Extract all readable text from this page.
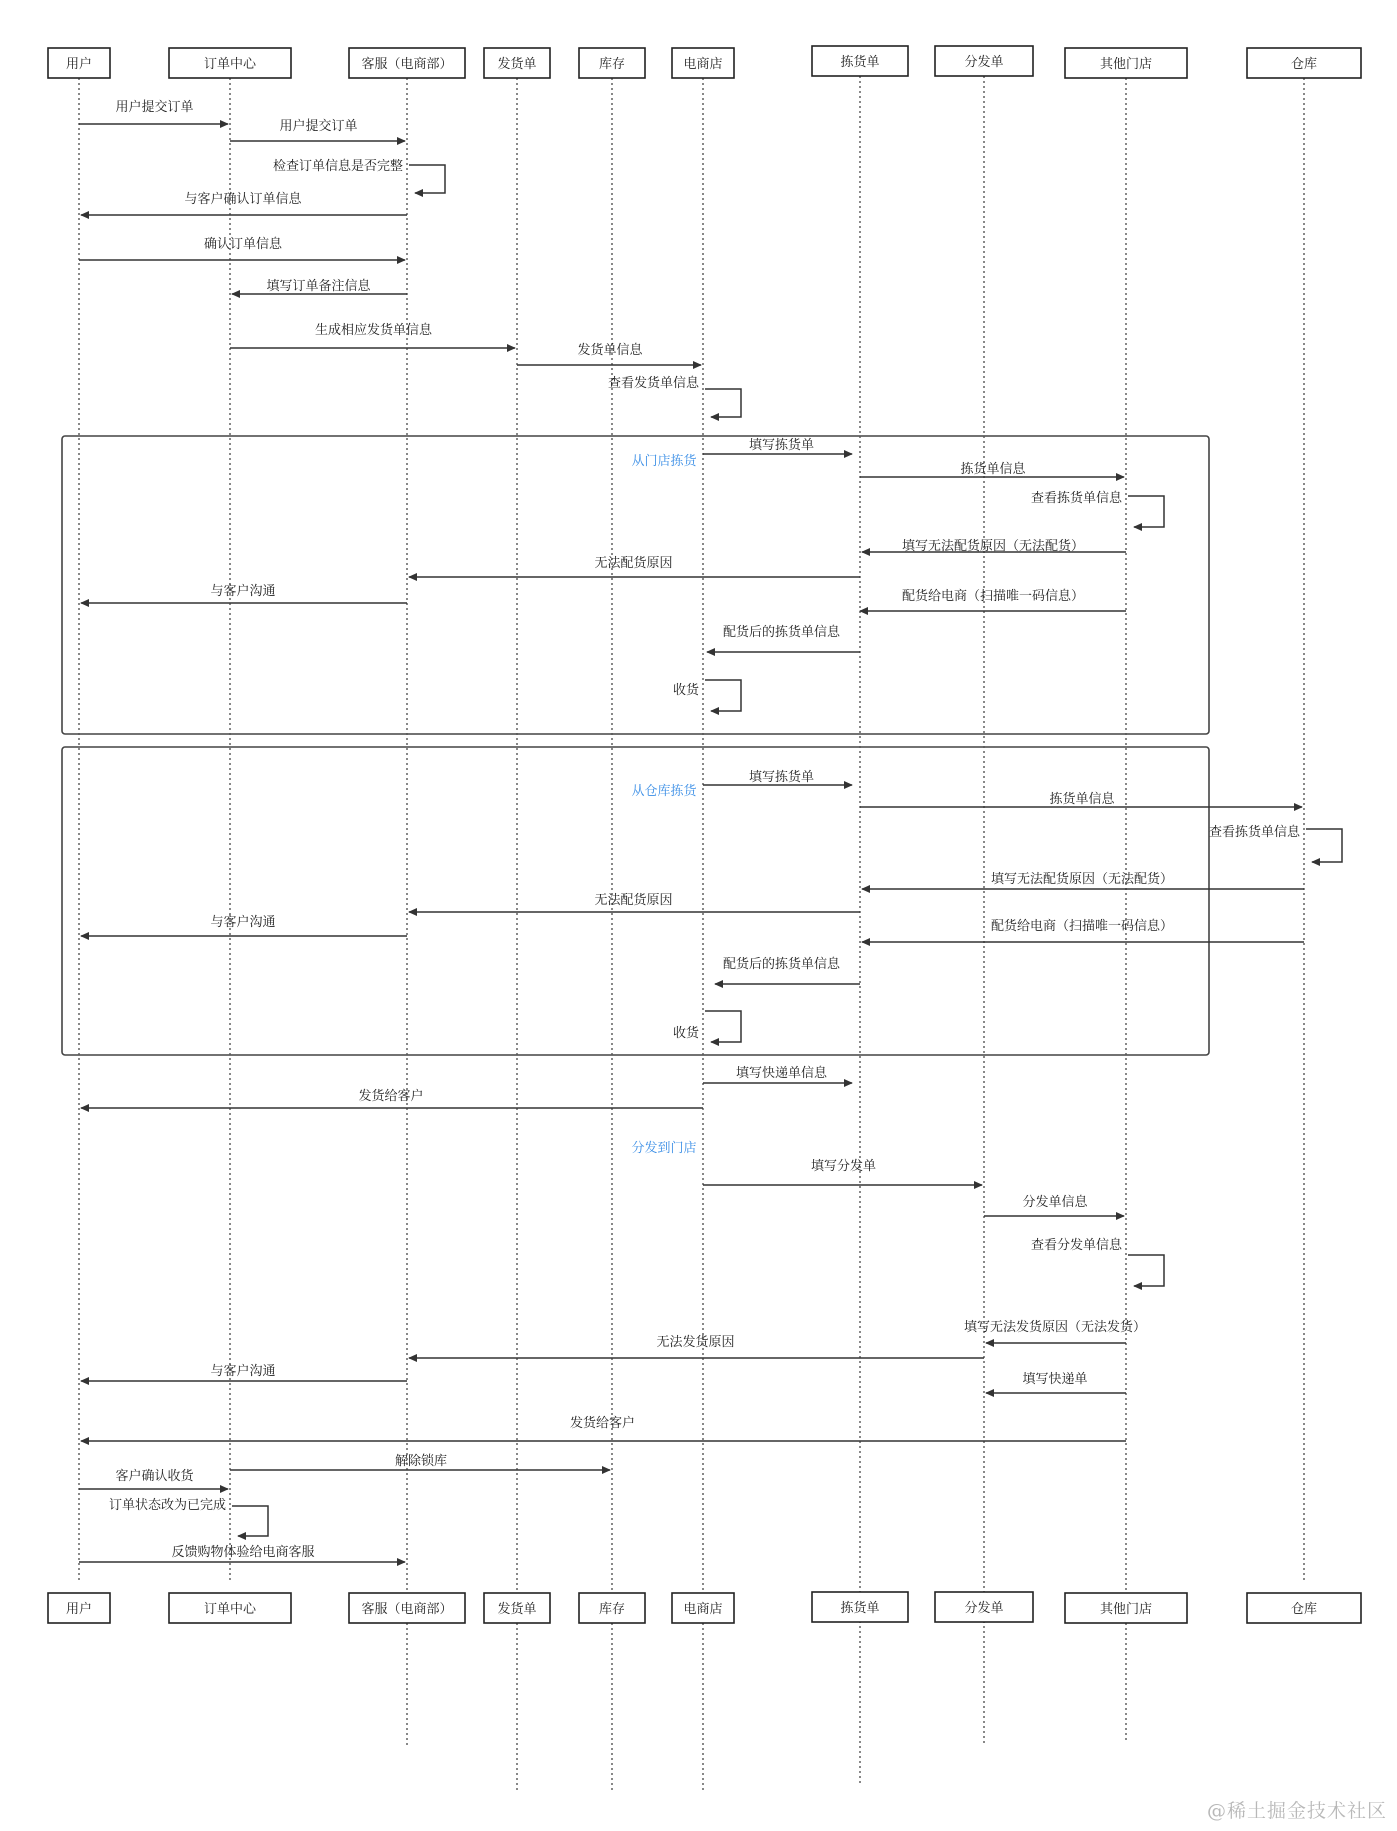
用户
用户
订单中心
订单中心
客服（电商部）
客服（电商部）
发货单
发货单
库存
库存
电商店
电商店
拣货单
拣货单
分发单
分发单
其他门店
其他门店
仓库
仓库
从门店拣货
从仓库拣货
分发到门店
用户提交订单
用户提交订单
检查订单信息是否完整
与客户确认订单信息
确认订单信息
填写订单备注信息
生成相应发货单信息
发货单信息
查看发货单信息
填写拣货单
拣货单信息
查看拣货单信息
填写无法配货原因（无法配货）
无法配货原因
与客户沟通	配货给电商（扫描唯一码信息）
配货后的拣货单信息
收货
填写拣货单
拣货单信息
查看拣货单信息
填写无法配货原因（无法配货）
无法配货原因
与客户沟通	配货给电商（扫描唯一码信息）
配货后的拣货单信息
收货
填写快递单信息
发货给客户
填写分发单
分发单信息
查看分发单信息
填写无法发货原因（无法发货）
无法发货原因
与客户沟通
填写快递单
发货给客户
解除锁库
客户确认收货
订单状态改为已完成
反馈购物体验给电商客服
@稀土掘金技术社区
